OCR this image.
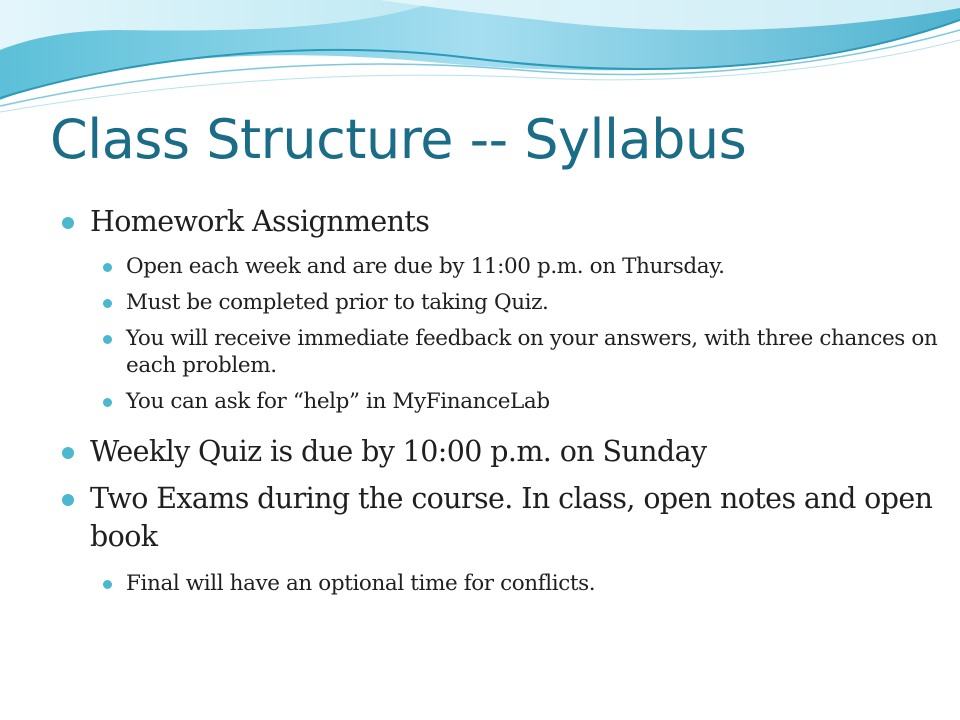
Class Structure -- Syllabus
Homework Assignments
Open each week and are due by 11:00 p.m. on Thursday.
Must be completed prior to taking Quiz.
You will receive immediate feedback on your answers, with three chances on each problem.
You can ask for “help” in MyFinanceLab
Weekly Quiz is due by 10:00 p.m. on Sunday
Two Exams during the course. In class, open notes and open book
Final will have an optional time for conflicts.
